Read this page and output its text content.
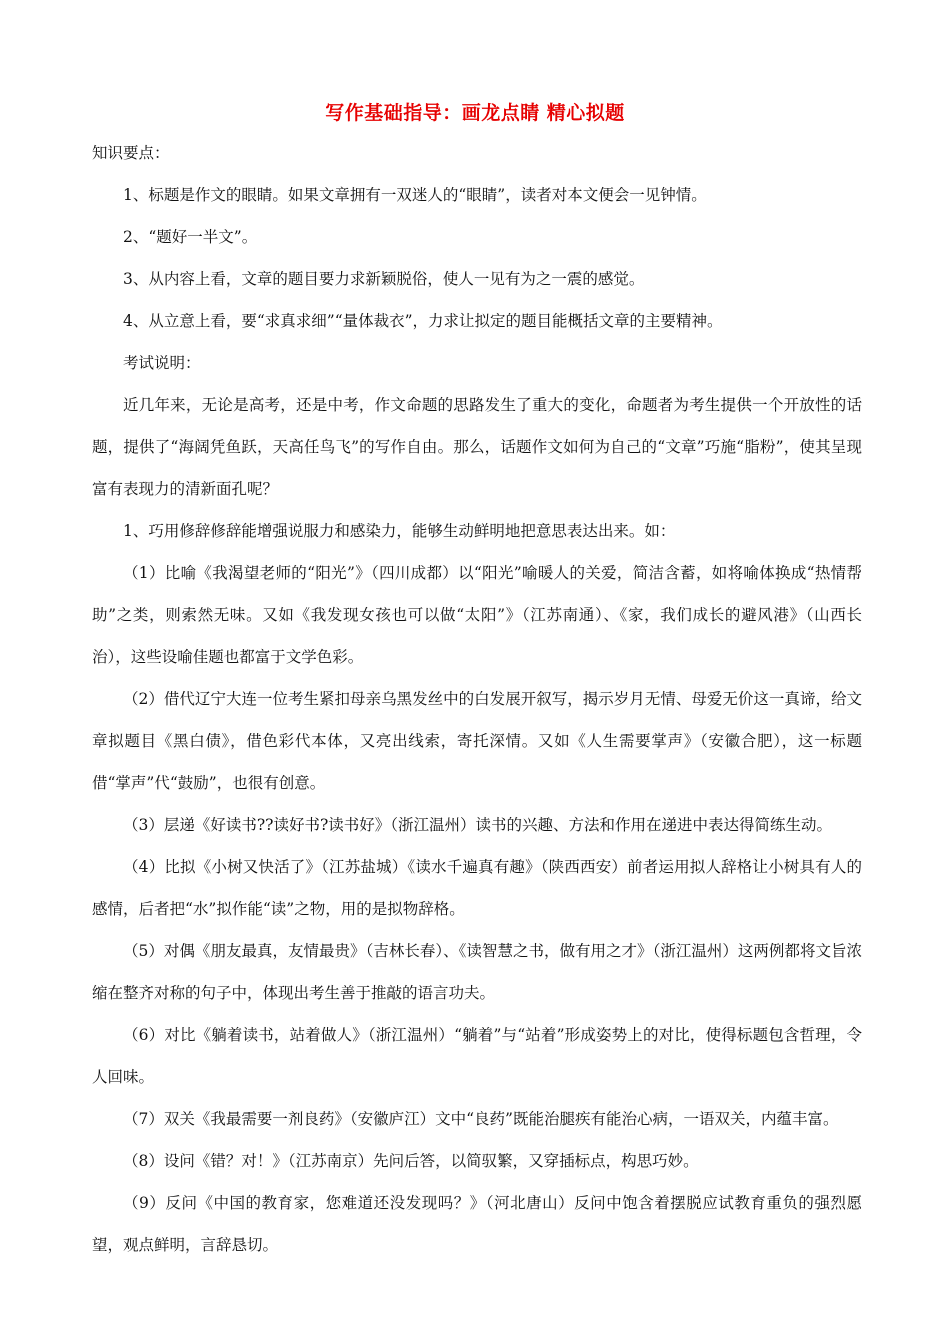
写作基础指导：画龙点睛 精心拟题

知识要点：

1、标题是作文的眼睛。如果文章拥有一双迷人的“眼睛”，读者对本文便会一见钟情。

2、“题好一半文”。

3、从内容上看，文章的题目要力求新颖脱俗，使人一见有为之一震的感觉。

4、从立意上看，要“求真求细”“量体裁衣”，力求让拟定的题目能概括文章的主要精神。

考试说明：

近几年来，无论是高考，还是中考，作文命题的思路发生了重大的变化，命题者为考生提供一个开放性的话题，提供了“海阔凭鱼跃，天高任鸟飞”的写作自由。那么，话题作文如何为自己的“文章”巧施“脂粉”，使其呈现富有表现力的清新面孔呢？

1、巧用修辞修辞能增强说服力和感染力，能够生动鲜明地把意思表达出来。如：

（1）比喻《我渴望老师的“阳光”》（四川成都）以“阳光”喻暖人的关爱，简洁含蓄，如将喻体换成“热情帮助”之类，则索然无味。又如《我发现女孩也可以做“太阳”》（江苏南通）、《家，我们成长的避风港》（山西长治），这些设喻佳题也都富于文学色彩。

（2）借代辽宁大连一位考生紧扣母亲乌黑发丝中的白发展开叙写，揭示岁月无情、母爱无价这一真谛，给文章拟题目《黑白债》，借色彩代本体，又亮出线索，寄托深情。又如《人生需要掌声》（安徽合肥），这一标题借“掌声”代“鼓励”，也很有创意。

（3）层递《好读书??读好书?读书好》（浙江温州）读书的兴趣、方法和作用在递进中表达得简练生动。

（4）比拟《小树又快活了》（江苏盐城）《读水千遍真有趣》（陕西西安）前者运用拟人辞格让小树具有人的感情，后者把“水”拟作能“读”之物，用的是拟物辞格。

（5）对偶《朋友最真，友情最贵》（吉林长春）、《读智慧之书，做有用之才》（浙江温州）这两例都将文旨浓缩在整齐对称的句子中，体现出考生善于推敲的语言功夫。

（6）对比《躺着读书，站着做人》（浙江温州）“躺着”与“站着”形成姿势上的对比，使得标题包含哲理，令人回味。

（7）双关《我最需要一剂良药》（安徽庐江）文中“良药”既能治腿疾有能治心病，一语双关，内蕴丰富。

（8）设问《错？对！》（江苏南京）先问后答，以简驭繁，又穿插标点，构思巧妙。

（9）反问《中国的教育家，您难道还没发现吗？》（河北唐山）反问中饱含着摆脱应试教育重负的强烈愿望，观点鲜明，言辞恳切。
